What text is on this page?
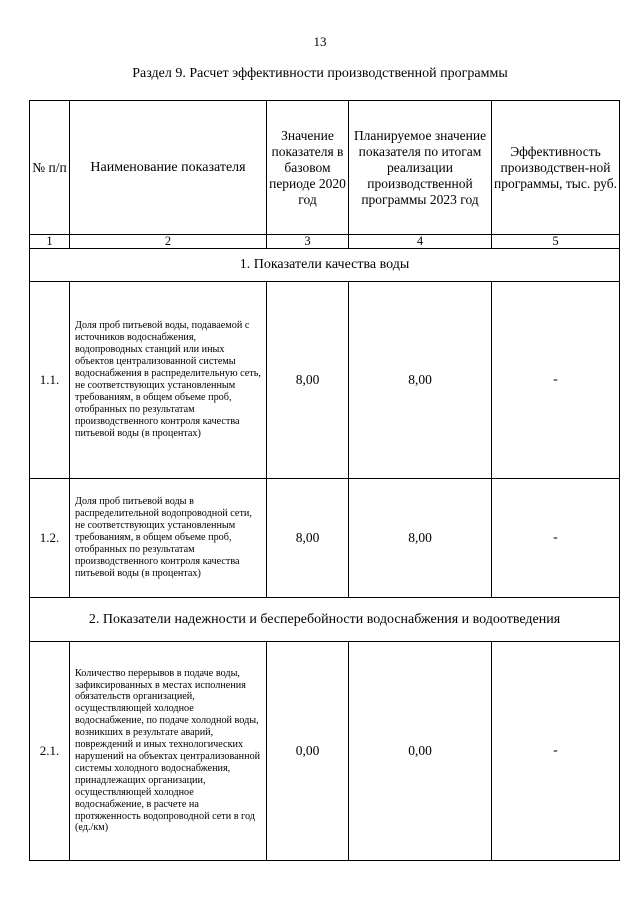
13
Раздел 9. Расчет эффективности производственной программы
№ п/п	Наименование показателя	Значение показателя в базовом периоде 2020 год	Планируемое значение показателя по итогам реализации производственной программы 2023 год	Эффективность производствен-ной программы, тыс. руб.
1	2	3	4	5
1. Показатели качества воды				
1.1.	Доля проб питьевой воды, подаваемой с источников водоснабжения, водопроводных станций или иных объектов централизованной системы водоснабжения в распределительную сеть, не соответствующих установленным требованиям, в общем объеме проб, отобранных по результатам производственного контроля качества питьевой воды (в процентах)	8,00	8,00	-
1.2.	Доля проб питьевой воды в распределительной водопроводной сети, не соответствующих установленным требованиям, в общем объеме проб, отобранных по результатам производственного контроля качества питьевой воды (в процентах)	8,00	8,00	-
2. Показатели надежности и бесперебойности водоснабжения и водоотведения				
2.1.	Количество перерывов в подаче воды, зафиксированных в местах исполнения обязательств организацией, осуществляющей холодное водоснабжение, по подаче холодной воды, возникших в результате аварий, повреждений и иных технологических нарушений на объектах централизованной системы холодного водоснабжения, принадлежащих организации, осуществляющей холодное водоснабжение, в расчете на протяженность водопроводной сети в год (ед./км)	0,00	0,00	-
